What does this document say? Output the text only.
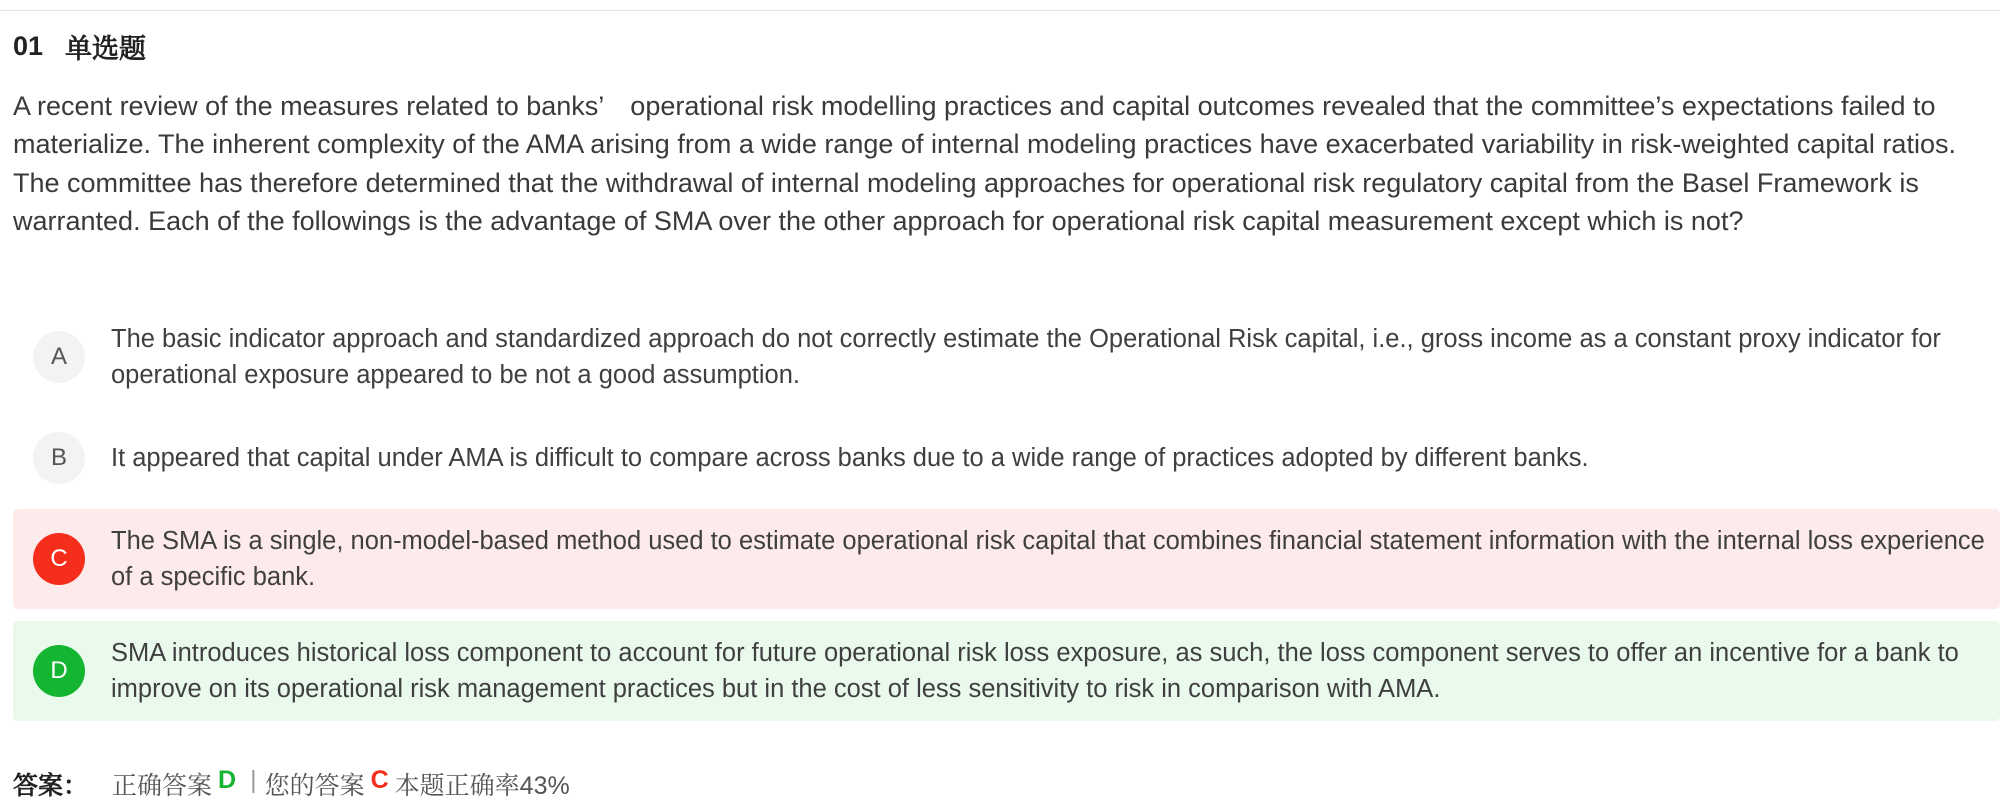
01 单选题

A recent review of the measures related to banks’　operational risk modelling practices and capital outcomes revealed that the committee’s expectations failed to materialize. The inherent complexity of the AMA arising from a wide range of internal modeling practices have exacerbated variability in risk-weighted capital ratios. The committee has therefore determined that the withdrawal of internal modeling approaches for operational risk regulatory capital from the Basel Framework is warranted. Each of the followings is the advantage of SMA over the other approach for operational risk capital measurement except which is not?

A
The basic indicator approach and standardized approach do not correctly estimate the Operational Risk capital, i.e., gross income as a constant proxy indicator for operational exposure appeared to be not a good assumption.
B	It appeared that capital under AMA is difficult to compare across banks due to a wide range of practices adopted by different banks.
C
The SMA is a single, non-model-based method used to estimate operational risk capital that combines financial statement information with the internal loss experience of a specific bank.
D
SMA introduces historical loss component to account for future operational risk loss exposure, as such, the loss component serves to offer an incentive for a bank to improve on its operational risk management practices but in the cost of less sensitivity to risk in comparison with AMA.
答案： 正确答案 D | 您的答案 C 本题正确率43%
